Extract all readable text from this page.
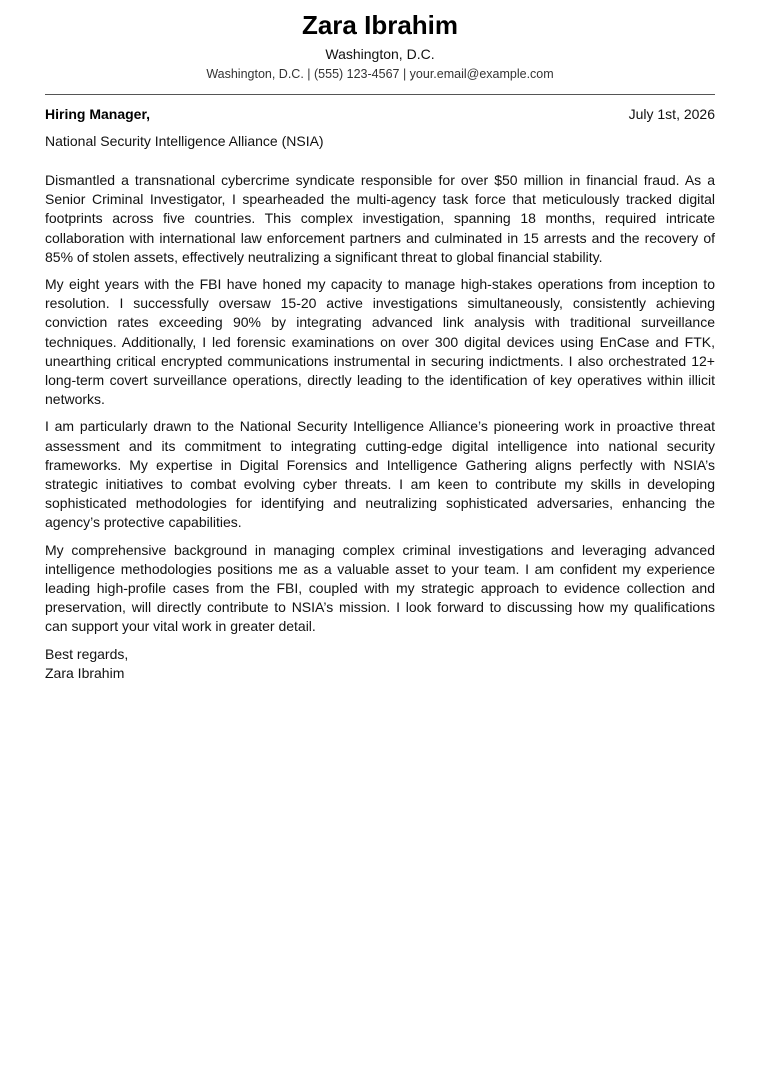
Zara Ibrahim
Washington, D.C.
Washington, D.C. | (555) 123-4567 | your.email@example.com
Hiring Manager,	July 1st, 2026
National Security Intelligence Alliance (NSIA)

Dismantled a transnational cybercrime syndicate responsible for over $50 million in financial fraud. As a Senior Criminal Investigator, I spearheaded the multi-agency task force that meticulously tracked digital footprints across five countries. This complex investigation, spanning 18 months, required intricate collaboration with international law enforcement partners and culminated in 15 arrests and the recovery of 85% of stolen assets, effectively neutralizing a significant threat to global financial stability.

My eight years with the FBI have honed my capacity to manage high-stakes operations from inception to resolution. I successfully oversaw 15-20 active investigations simultaneously, consistently achieving conviction rates exceeding 90% by integrating advanced link analysis with traditional surveillance techniques. Additionally, I led forensic examinations on over 300 digital devices using EnCase and FTK, unearthing critical encrypted communications instrumental in securing indictments. I also orchestrated 12+ long-term covert surveillance operations, directly leading to the identification of key operatives within illicit networks.

I am particularly drawn to the National Security Intelligence Alliance’s pioneering work in proactive threat assessment and its commitment to integrating cutting-edge digital intelligence into national security frameworks. My expertise in Digital Forensics and Intelligence Gathering aligns perfectly with NSIA’s strategic initiatives to combat evolving cyber threats. I am keen to contribute my skills in developing sophisticated methodologies for identifying and neutralizing sophisticated adversaries, enhancing the agency’s protective capabilities.

My comprehensive background in managing complex criminal investigations and leveraging advanced intelligence methodologies positions me as a valuable asset to your team. I am confident my experience leading high-profile cases from the FBI, coupled with my strategic approach to evidence collection and preservation, will directly contribute to NSIA’s mission. I look forward to discussing how my qualifications can support your vital work in greater detail.

Best regards,
Zara Ibrahim
